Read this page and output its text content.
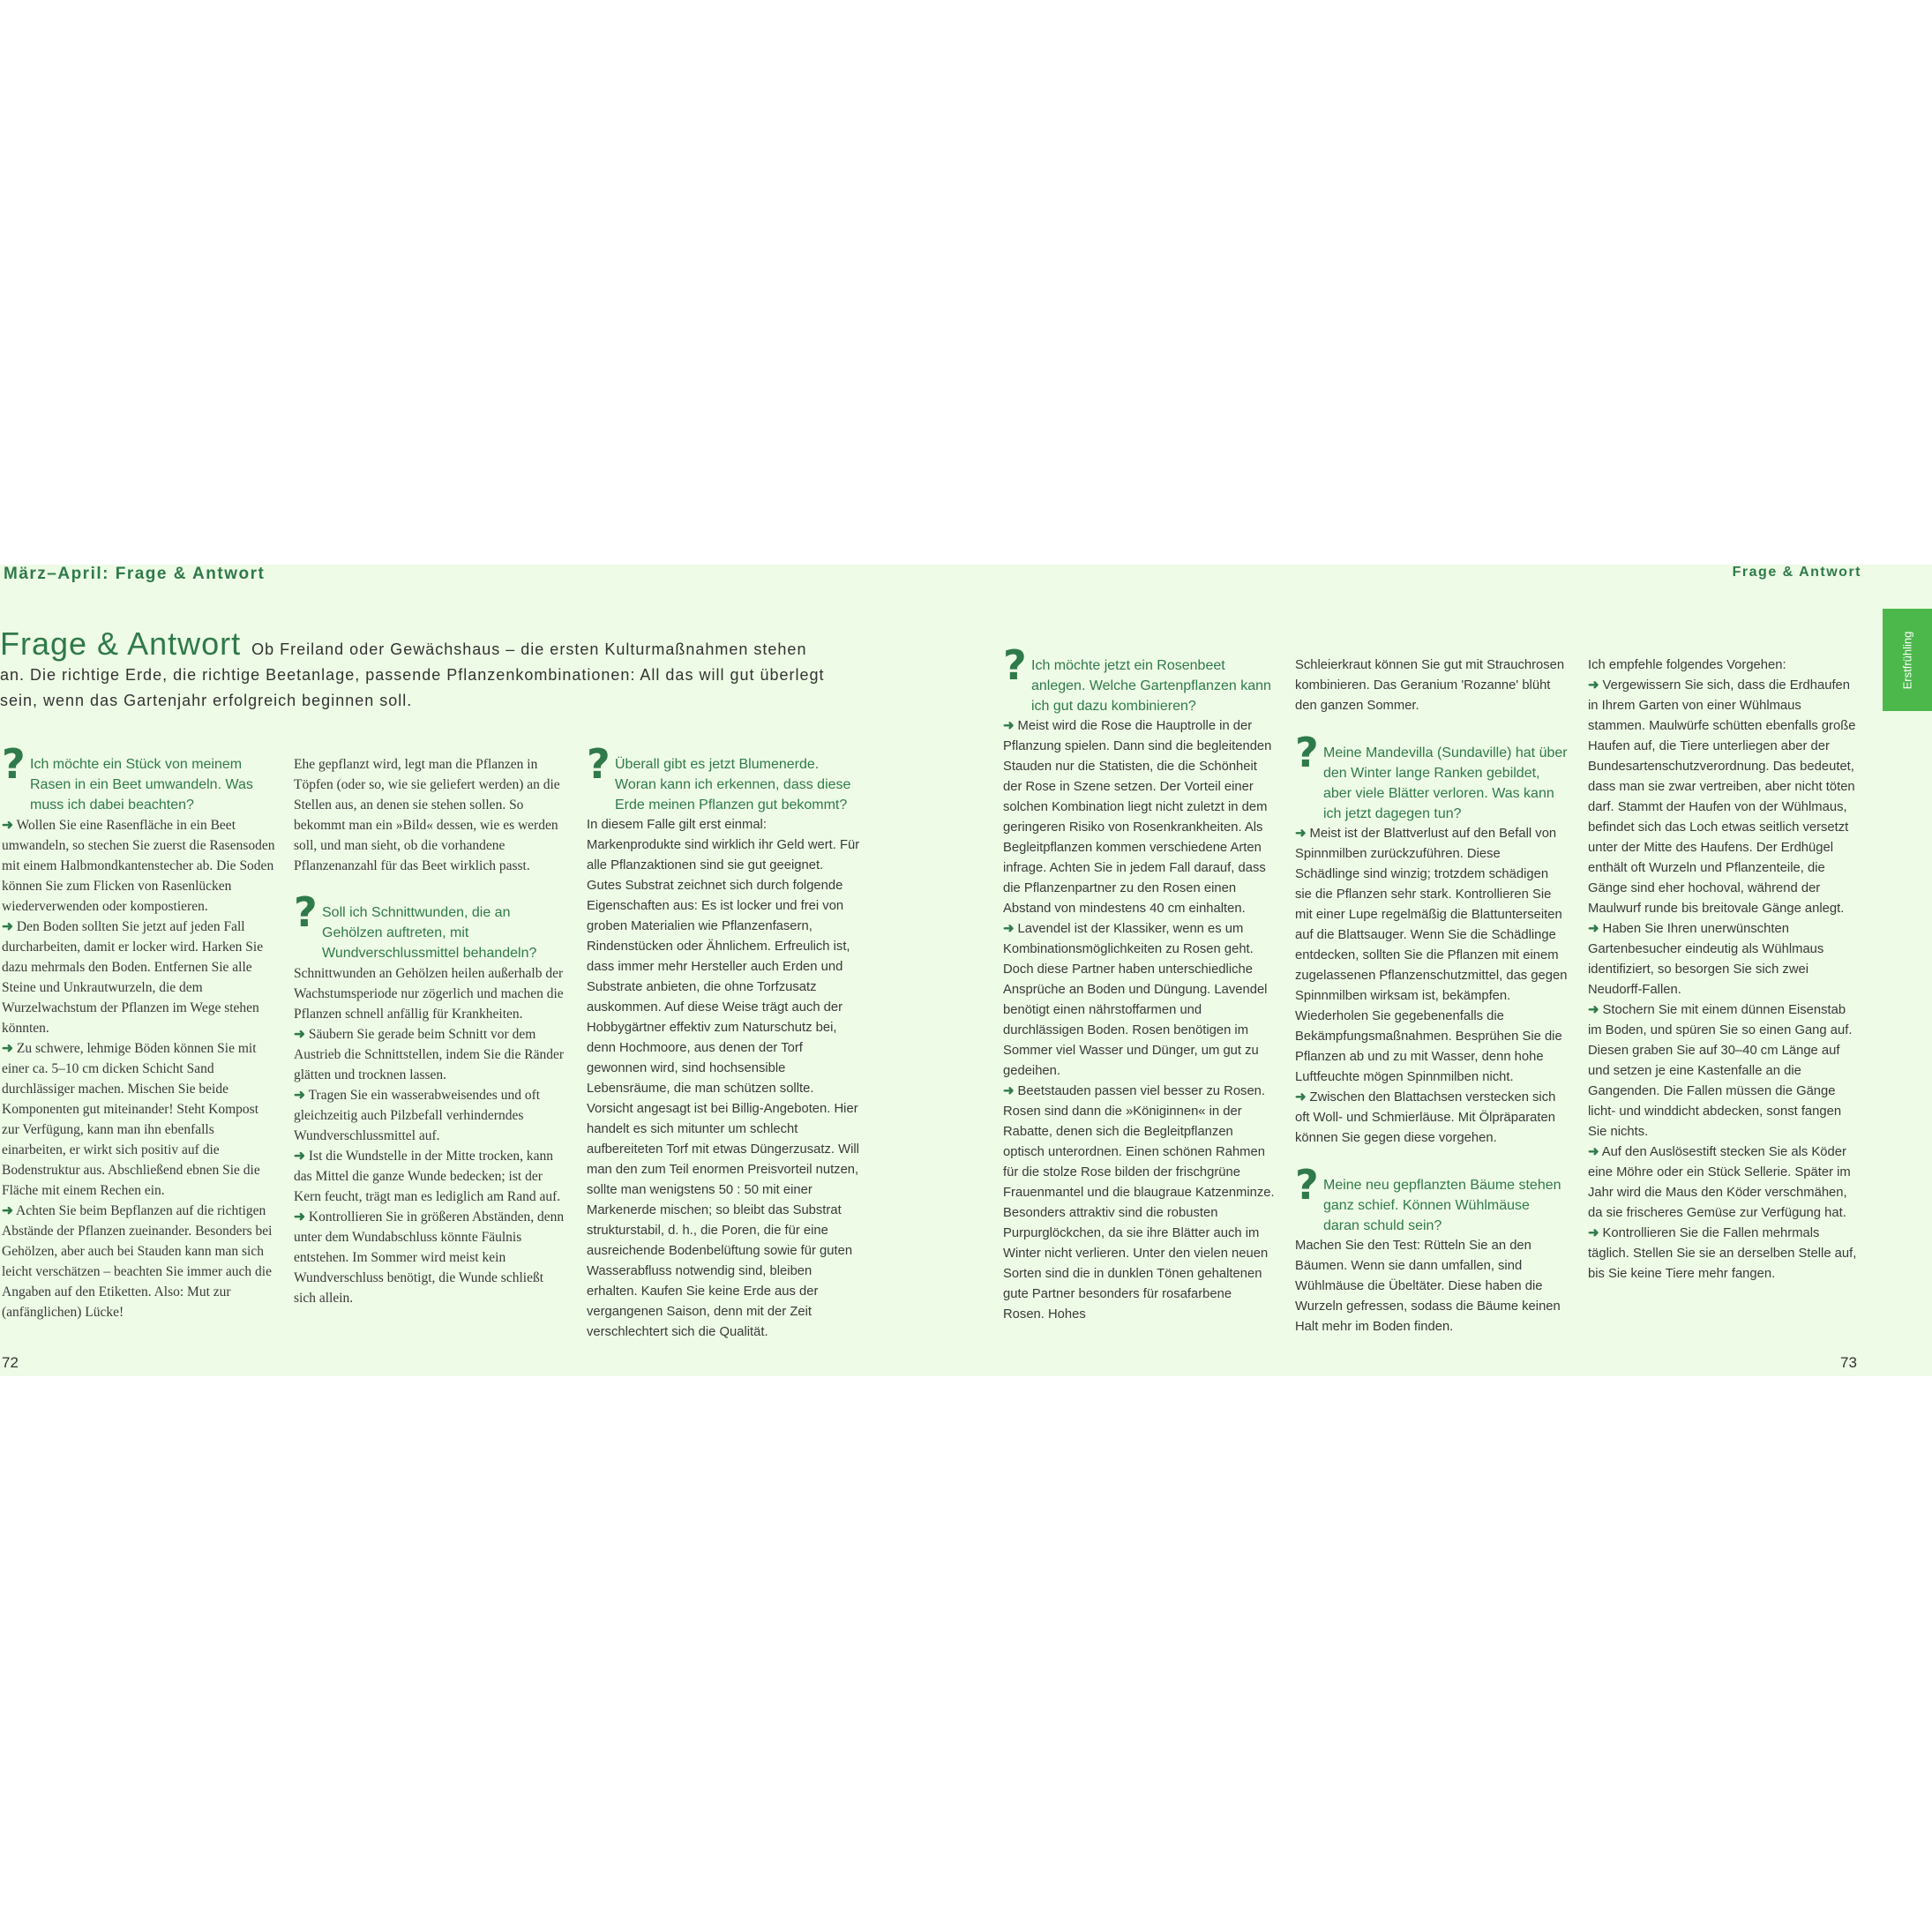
März–April: Frage & Antwort	Frage & Antwort
Erstfrühling
Frage & Antwort Ob Freiland oder Gewächshaus – die ersten Kulturmaßnahmen stehen an. Die richtige Erde, die richtige Beetanlage, passende Pflanzenkombinationen: All das will gut überlegt sein, wenn das Gartenjahr erfolgreich beginnen soll.

? Ich möchte ein Stück von meinem Rasen in ein Beet umwandeln. Was muss ich dabei beachten?

➜ Wollen Sie eine Rasenfläche in ein Beet umwandeln, so stechen Sie zuerst die Rasensoden mit einem Halbmondkantenstecher ab. Die Soden können Sie zum Flicken von Rasenlücken wiederverwenden oder kompostieren.

➜ Den Boden sollten Sie jetzt auf jeden Fall durcharbeiten, damit er locker wird. Harken Sie dazu mehrmals den Boden. Entfernen Sie alle Steine und Unkrautwurzeln, die dem Wurzelwachstum der Pflanzen im Wege stehen könnten.

➜ Zu schwere, lehmige Böden können Sie mit einer ca. 5–10 cm dicken Schicht Sand durchlässiger machen. Mischen Sie beide Komponenten gut miteinander! Steht Kompost zur Verfügung, kann man ihn ebenfalls einarbeiten, er wirkt sich positiv auf die Bodenstruktur aus. Abschließend ebnen Sie die Fläche mit einem Rechen ein.

➜ Achten Sie beim Bepflanzen auf die richtigen Abstände der Pflanzen zueinander. Besonders bei Gehölzen, aber auch bei Stauden kann man sich leicht verschätzen – beachten Sie immer auch die Angaben auf den Etiketten. Also: Mut zur (anfänglichen) Lücke!

Ehe gepflanzt wird, legt man die Pflanzen in Töpfen (oder so, wie sie geliefert werden) an die Stellen aus, an denen sie stehen sollen. So bekommt man ein »Bild« dessen, wie es werden soll, und man sieht, ob die vorhandene Pflanzenanzahl für das Beet wirklich passt.

? Soll ich Schnittwunden, die an Gehölzen auftreten, mit Wundverschlussmittel behandeln?

Schnittwunden an Gehölzen heilen außerhalb der Wachstumsperiode nur zögerlich und machen die Pflanzen schnell anfällig für Krankheiten.

➜ Säubern Sie gerade beim Schnitt vor dem Austrieb die Schnittstellen, indem Sie die Ränder glätten und trocknen lassen.

➜ Tragen Sie ein wasserabweisendes und oft gleichzeitig auch Pilzbefall verhinderndes Wundverschlussmittel auf.

➜ Ist die Wundstelle in der Mitte trocken, kann das Mittel die ganze Wunde bedecken; ist der Kern feucht, trägt man es lediglich am Rand auf.

➜ Kontrollieren Sie in größeren Abständen, denn unter dem Wundabschluss könnte Fäulnis entstehen. Im Sommer wird meist kein Wundverschluss benötigt, die Wunde schließt sich allein.

? Überall gibt es jetzt Blumenerde. Woran kann ich erkennen, dass diese Erde meinen Pflanzen gut bekommt?

In diesem Falle gilt erst einmal: Markenprodukte sind wirklich ihr Geld wert. Für alle Pflanzaktionen sind sie gut geeignet. Gutes Substrat zeichnet sich durch folgende Eigenschaften aus: Es ist locker und frei von groben Materialien wie Pflanzenfasern, Rindenstücken oder Ähnlichem. Erfreulich ist, dass immer mehr Hersteller auch Erden und Substrate anbieten, die ohne Torfzusatz auskommen. Auf diese Weise trägt auch der Hobbygärtner effektiv zum Naturschutz bei, denn Hochmoore, aus denen der Torf gewonnen wird, sind hochsensible Lebensräume, die man schützen sollte. Vorsicht angesagt ist bei Billig-Angeboten. Hier handelt es sich mitunter um schlecht aufbereiteten Torf mit etwas Düngerzusatz. Will man den zum Teil enormen Preisvorteil nutzen, sollte man wenigstens 50 : 50 mit einer Markenerde mischen; so bleibt das Substrat strukturstabil, d. h., die Poren, die für eine ausreichende Bodenbelüftung sowie für guten Wasserabfluss notwendig sind, bleiben erhalten. Kaufen Sie keine Erde aus der vergangenen Saison, denn mit der Zeit verschlechtert sich die Qualität.

? Ich möchte jetzt ein Rosenbeet anlegen. Welche Gartenpflanzen kann ich gut dazu kombinieren?

➜ Meist wird die Rose die Hauptrolle in der Pflanzung spielen. Dann sind die begleitenden Stauden nur die Statisten, die die Schönheit der Rose in Szene setzen. Der Vorteil einer solchen Kombination liegt nicht zuletzt in dem geringeren Risiko von Rosenkrankheiten. Als Begleitpflanzen kommen verschiedene Arten infrage. Achten Sie in jedem Fall darauf, dass die Pflanzenpartner zu den Rosen einen Abstand von mindestens 40 cm einhalten.

➜ Lavendel ist der Klassiker, wenn es um Kombinationsmöglichkeiten zu Rosen geht. Doch diese Partner haben unterschiedliche Ansprüche an Boden und Düngung. Lavendel benötigt einen nährstoffarmen und durchlässigen Boden. Rosen benötigen im Sommer viel Wasser und Dünger, um gut zu gedeihen.

➜ Beetstauden passen viel besser zu Rosen. Rosen sind dann die »Königinnen« in der Rabatte, denen sich die Begleitpflanzen optisch unterordnen. Einen schönen Rahmen für die stolze Rose bilden der frischgrüne Frauenmantel und die blaugraue Katzenminze. Besonders attraktiv sind die robusten Purpurglöckchen, da sie ihre Blätter auch im Winter nicht verlieren. Unter den vielen neuen Sorten sind die in dunklen Tönen gehaltenen gute Partner besonders für rosafarbene Rosen. Hohes

Schleierkraut können Sie gut mit Strauchrosen kombinieren. Das Geranium 'Rozanne' blüht den ganzen Sommer.

? Meine Mandevilla (Sundaville) hat über den Winter lange Ranken gebildet, aber viele Blätter verloren. Was kann ich jetzt dagegen tun?

➜ Meist ist der Blattverlust auf den Befall von Spinnmilben zurückzuführen. Diese Schädlinge sind winzig; trotzdem schädigen sie die Pflanzen sehr stark. Kontrollieren Sie mit einer Lupe regelmäßig die Blattunterseiten auf die Blattsauger. Wenn Sie die Schädlinge entdecken, sollten Sie die Pflanzen mit einem zugelassenen Pflanzenschutzmittel, das gegen Spinnmilben wirksam ist, bekämpfen. Wiederholen Sie gegebenenfalls die Bekämpfungsmaßnahmen. Besprühen Sie die Pflanzen ab und zu mit Wasser, denn hohe Luftfeuchte mögen Spinnmilben nicht.

➜ Zwischen den Blattachsen verstecken sich oft Woll- und Schmierläuse. Mit Ölpräparaten können Sie gegen diese vorgehen.

? Meine neu gepflanzten Bäume stehen ganz schief. Können Wühlmäuse daran schuld sein?

Machen Sie den Test: Rütteln Sie an den Bäumen. Wenn sie dann umfallen, sind Wühlmäuse die Übeltäter. Diese haben die Wurzeln gefressen, sodass die Bäume keinen Halt mehr im Boden finden.

Ich empfehle folgendes Vorgehen:

➜ Vergewissern Sie sich, dass die Erdhaufen in Ihrem Garten von einer Wühlmaus stammen. Maulwürfe schütten ebenfalls große Haufen auf, die Tiere unterliegen aber der Bundesartenschutzverordnung. Das bedeutet, dass man sie zwar vertreiben, aber nicht töten darf. Stammt der Haufen von der Wühlmaus, befindet sich das Loch etwas seitlich versetzt unter der Mitte des Haufens. Der Erdhügel enthält oft Wurzeln und Pflanzenteile, die Gänge sind eher hochoval, während der Maulwurf runde bis breitovale Gänge anlegt.

➜ Haben Sie Ihren unerwünschten Gartenbesucher eindeutig als Wühlmaus identifiziert, so besorgen Sie sich zwei Neudorff-Fallen.

➜ Stochern Sie mit einem dünnen Eisenstab im Boden, und spüren Sie so einen Gang auf. Diesen graben Sie auf 30–40 cm Länge auf und setzen je eine Kastenfalle an die Gangenden. Die Fallen müssen die Gänge licht- und winddicht abdecken, sonst fangen Sie nichts.

➜ Auf den Auslösestift stecken Sie als Köder eine Möhre oder ein Stück Sellerie. Später im Jahr wird die Maus den Köder verschmähen, da sie frischeres Gemüse zur Verfügung hat.

➜ Kontrollieren Sie die Fallen mehrmals täglich. Stellen Sie sie an derselben Stelle auf, bis Sie keine Tiere mehr fangen.

72	73
